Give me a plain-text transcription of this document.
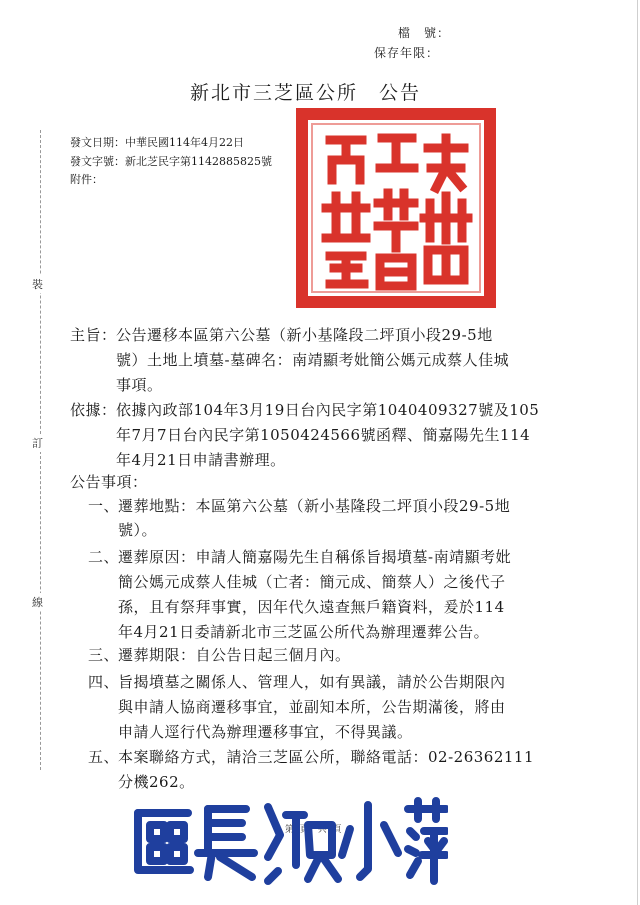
檔　號：
保存年限：
新北市三芝區公所　公告
裝
訂
線
發文日期：中華民國114年4月22日
發文字號：新北芝民字第1142885825號
附件：
主旨： 公告遷移本區第六公墓（新小基隆段二坪頂小段29-5地
號）土地上墳墓-墓碑名：南靖顯考妣簡公媽元成蔡人佳城
事項。
依據： 依據內政部104年3月19日台內民字第1040409327號及105
年7月7日台內民字第1050424566號函釋、簡嘉陽先生114
年4月21日申請書辦理。
公告事項：
一、
遷葬地點：本區第六公墓（新小基隆段二坪頂小段29-5地
號）。
二、
遷葬原因：申請人簡嘉陽先生自稱係旨揭墳墓-南靖顯考妣
簡公媽元成蔡人佳城（亡者：簡元成、簡蔡人）之後代子
孫，且有祭拜事實，因年代久遠查無戶籍資料，爰於114
年4月21日委請新北市三芝區公所代為辦理遷葬公告。
三、
遷葬期限：自公告日起三個月內。
四、
旨揭墳墓之關係人、管理人，如有異議，請於公告期限內
與申請人協商遷移事宜，並副知本所，公告期滿後，將由
申請人逕行代為辦理遷移事宜，不得異議。
五、
本案聯絡方式，請洽三芝區公所，聯絡電話：02-26362111
分機262。
第1頁，共1頁
